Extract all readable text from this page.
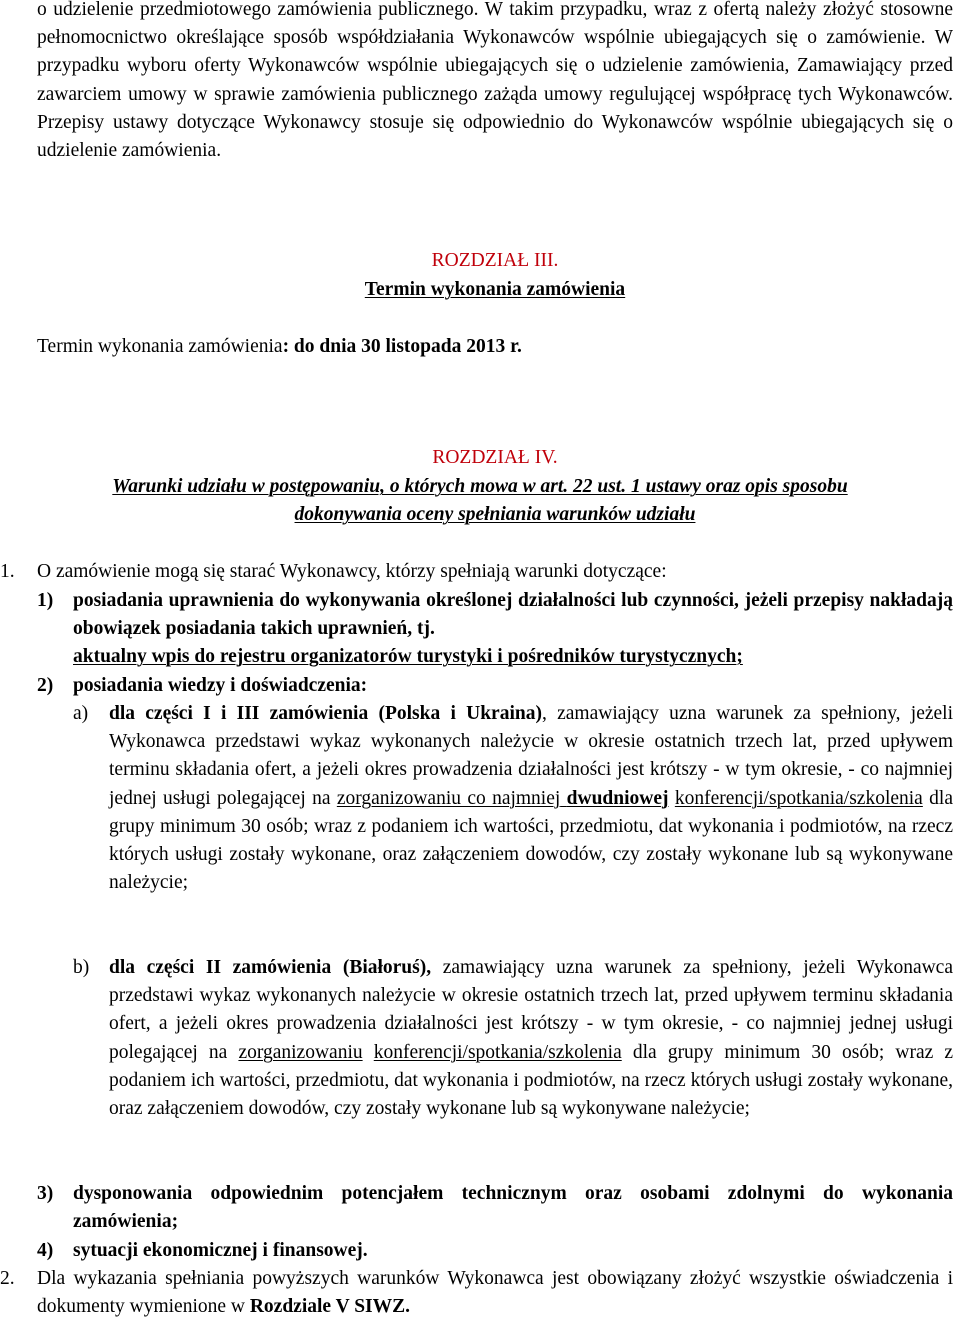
o udzielenie przedmiotowego zamówienia publicznego. W takim przypadku, wraz z ofertą należy złożyć stosowne pełnomocnictwo określające sposób współdziałania Wykonawców wspólnie ubiegających się o zamówienie. W przypadku wyboru oferty Wykonawców wspólnie ubiegających się o udzielenie zamówienia, Zamawiający przed zawarciem umowy w sprawie zamówienia publicznego zażąda umowy regulującej współpracę tych Wykonawców. Przepisy ustawy dotyczące Wykonawcy stosuje się odpowiednio do Wykonawców wspólnie ubiegających się o udzielenie zamówienia.
ROZDZIAŁ III.
Termin wykonania zamówienia
Termin wykonania zamówienia: do dnia 30 listopada 2013 r.
ROZDZIAŁ IV.
Warunki udziału w postępowaniu, o których mowa w art. 22 ust. 1 ustawy oraz opis sposobu
dokonywania oceny spełniania warunków udziału
1. O zamówienie mogą się starać Wykonawcy, którzy spełniają warunki dotyczące:
1) posiadania uprawnienia do wykonywania określonej działalności lub czynności, jeżeli przepisy nakładają obowiązek posiadania takich uprawnień, tj.
aktualny wpis do rejestru organizatorów turystyki i pośredników turystycznych;
2) posiadania wiedzy i doświadczenia:
a) dla części I i III zamówienia (Polska i Ukraina), zamawiający uzna warunek za spełniony, jeżeli Wykonawca przedstawi wykaz wykonanych należycie w okresie ostatnich trzech lat, przed upływem terminu składania ofert, a jeżeli okres prowadzenia działalności jest krótszy - w tym okresie, - co najmniej jednej usługi polegającej na zorganizowaniu co najmniej dwudniowej konferencji/spotkania/szkolenia dla grupy minimum 30 osób; wraz z podaniem ich wartości, przedmiotu, dat wykonania i podmiotów, na rzecz których usługi zostały wykonane, oraz załączeniem dowodów, czy zostały wykonane lub są wykonywane należycie;
b) dla części II zamówienia (Białoruś), zamawiający uzna warunek za spełniony, jeżeli Wykonawca przedstawi wykaz wykonanych należycie w okresie ostatnich trzech lat, przed upływem terminu składania ofert, a jeżeli okres prowadzenia działalności jest krótszy - w tym okresie, - co najmniej jednej usługi polegającej na zorganizowaniu konferencji/spotkania/szkolenia dla grupy minimum 30 osób; wraz z podaniem ich wartości, przedmiotu, dat wykonania i podmiotów, na rzecz których usługi zostały wykonane, oraz załączeniem dowodów, czy zostały wykonane lub są wykonywane należycie;
3) dysponowania odpowiednim potencjałem technicznym oraz osobami zdolnymi do wykonania zamówienia;
4) sytuacji ekonomicznej i finansowej.
2. Dla wykazania spełniania powyższych warunków Wykonawca jest obowiązany złożyć wszystkie oświadczenia i dokumenty wymienione w Rozdziale V SIWZ.
